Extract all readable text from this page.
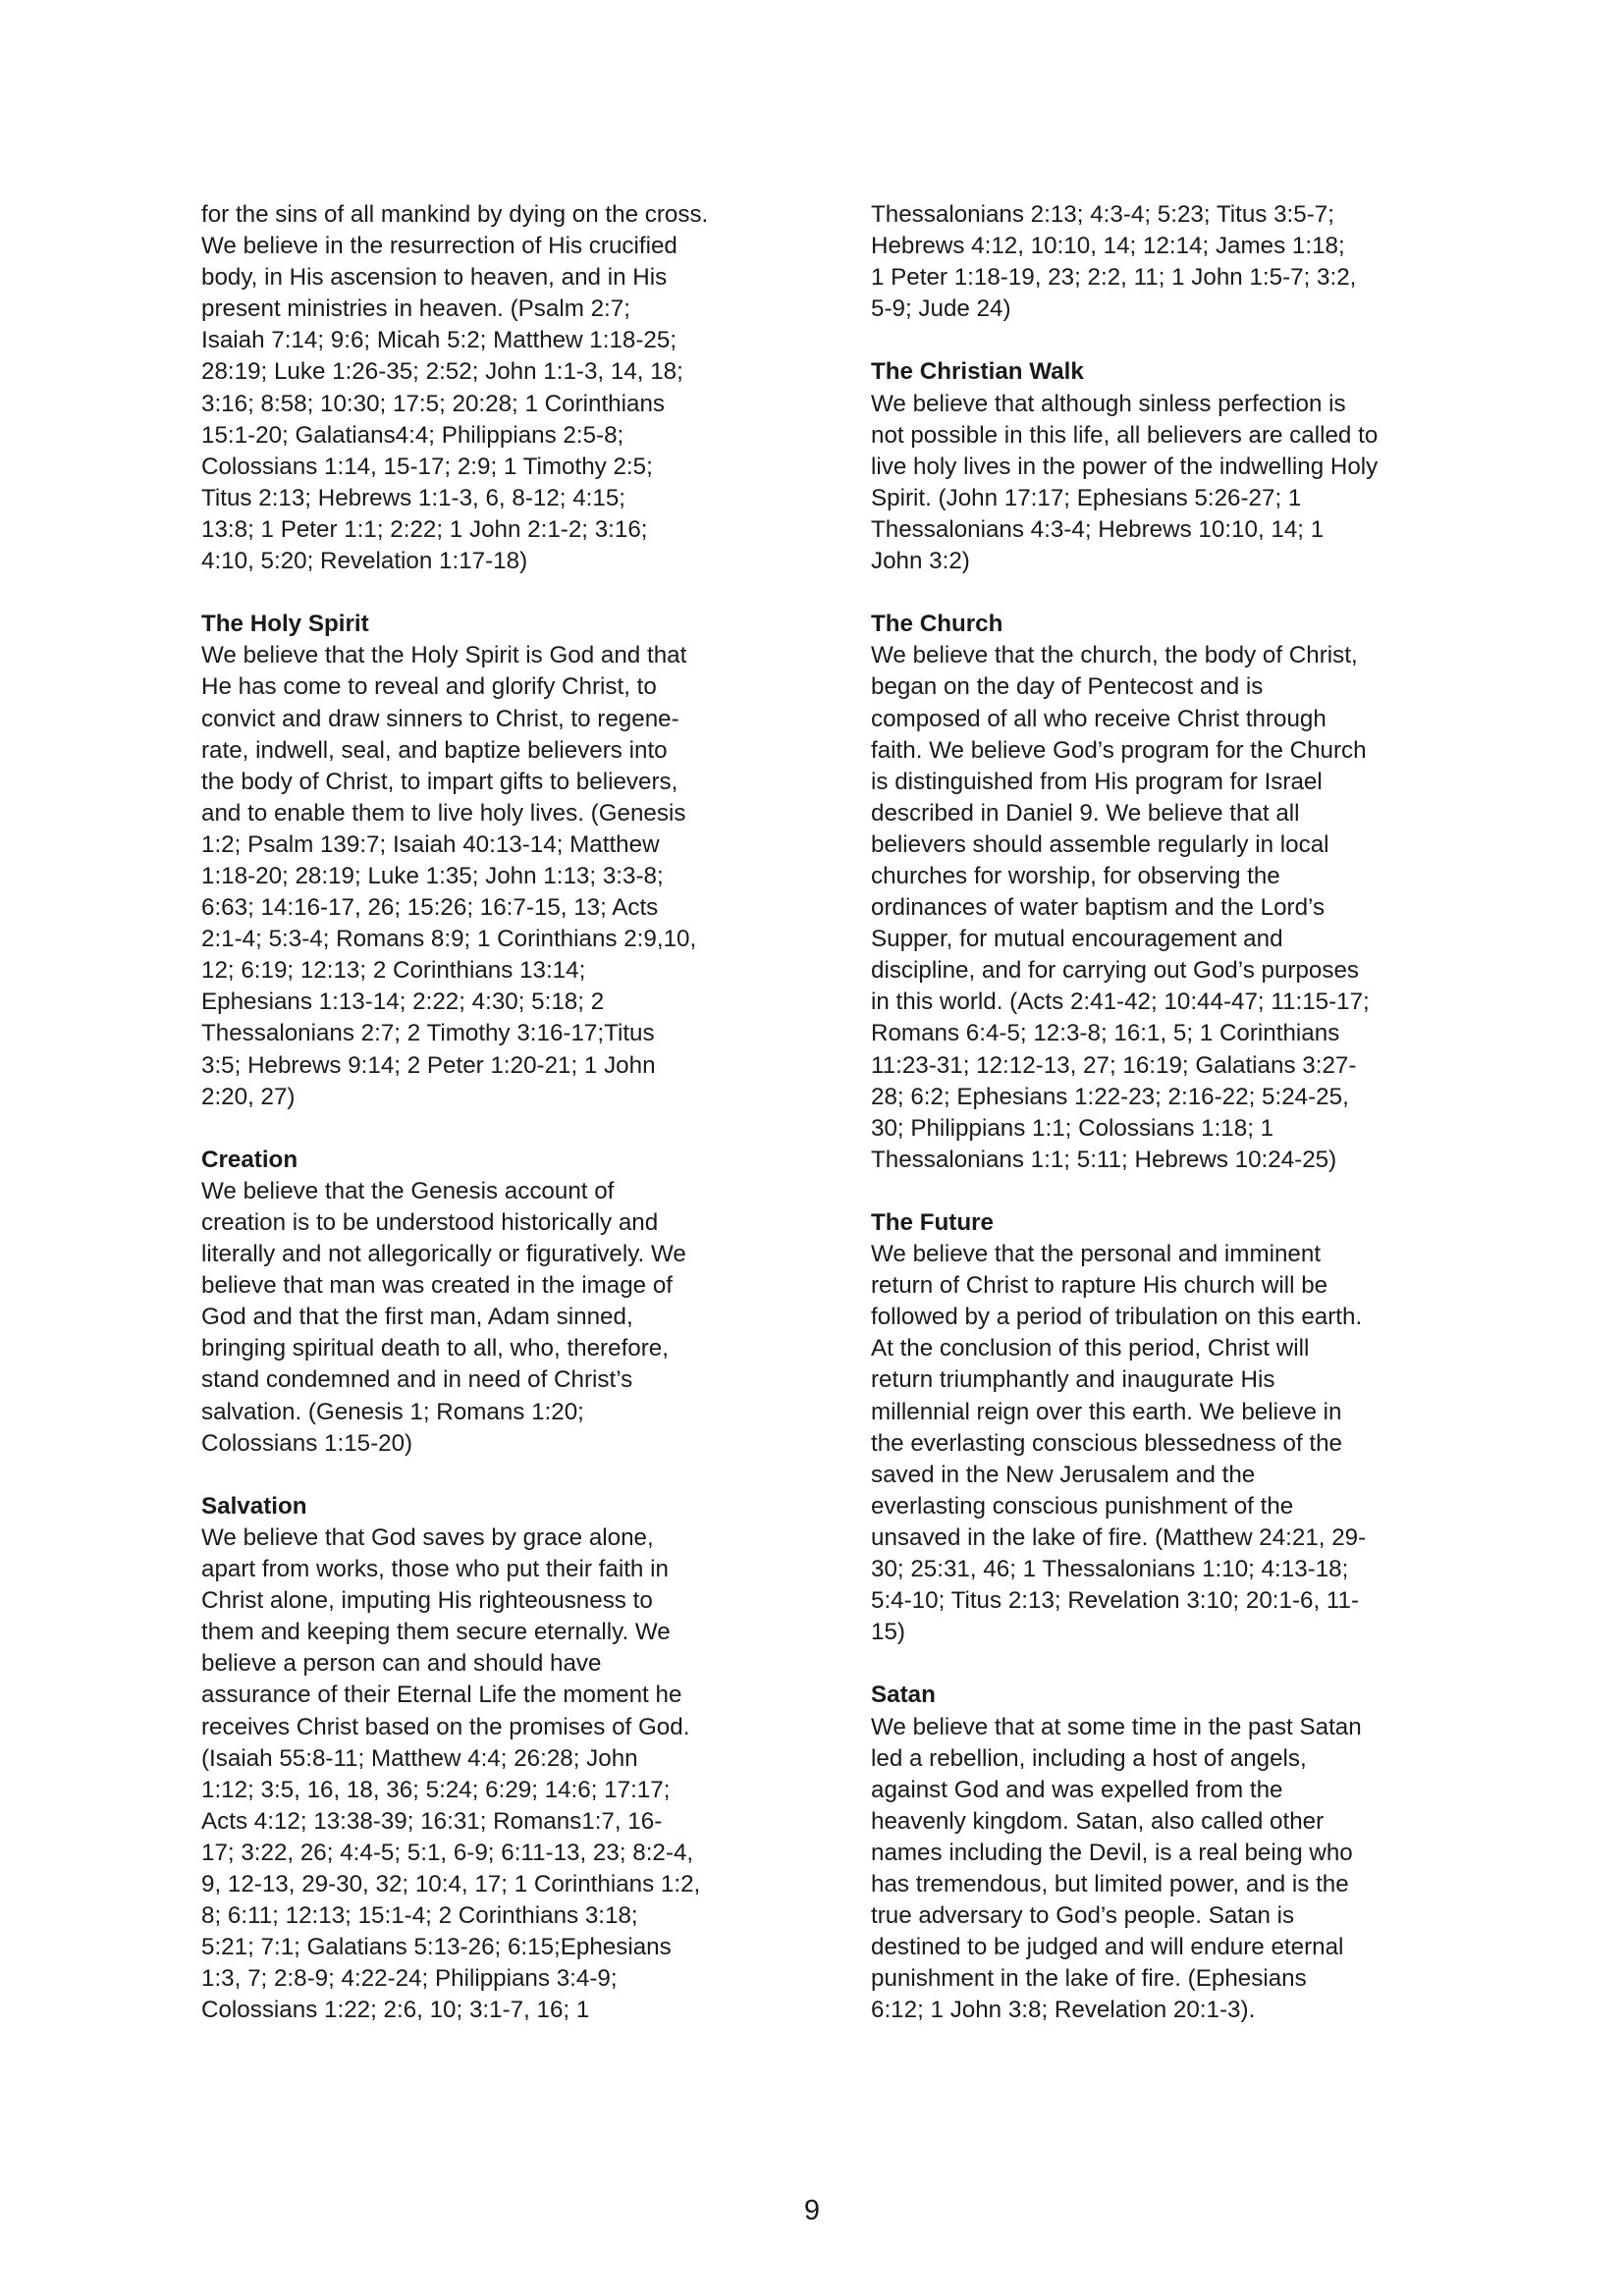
for the sins of all mankind by dying on the cross.
We believe in the resurrection of His crucified
body, in His ascension to heaven, and in His
present ministries in heaven. (Psalm 2:7;
Isaiah 7:14; 9:6; Micah 5:2; Matthew 1:18-25;
28:19; Luke 1:26-35; 2:52; John 1:1-3, 14, 18;
3:16; 8:58; 10:30; 17:5; 20:28; 1 Corinthians
15:1-20; Galatians4:4; Philippians 2:5-8;
Colossians 1:14, 15-17; 2:9; 1 Timothy 2:5;
Titus 2:13; Hebrews 1:1-3, 6, 8-12; 4:15;
13:8; 1 Peter 1:1; 2:22; 1 John 2:1-2; 3:16;
4:10, 5:20; Revelation 1:17-18)

The Holy Spirit

We believe that the Holy Spirit is God and that
He has come to reveal and glorify Christ, to
convict and draw sinners to Christ, to regene-
rate, indwell, seal, and baptize believers into
the body of Christ, to impart gifts to believers,
and to enable them to live holy lives. (Genesis
1:2; Psalm 139:7; Isaiah 40:13-14; Matthew
1:18-20; 28:19; Luke 1:35; John 1:13; 3:3-8;
6:63; 14:16-17, 26; 15:26; 16:7-15, 13; Acts
2:1-4; 5:3-4; Romans 8:9; 1 Corinthians 2:9,10,
12; 6:19; 12:13; 2 Corinthians 13:14;
Ephesians 1:13-14; 2:22; 4:30; 5:18; 2
Thessalonians 2:7; 2 Timothy 3:16-17;Titus
3:5; Hebrews 9:14; 2 Peter 1:20-21; 1 John
2:20, 27)

Creation

We believe that the Genesis account of
creation is to be understood historically and
literally and not allegorically or figuratively. We
believe that man was created in the image of
God and that the first man, Adam sinned,
bringing spiritual death to all, who, therefore,
stand condemned and in need of Christ’s
salvation. (Genesis 1; Romans 1:20;
Colossians 1:15-20)

Salvation

We believe that God saves by grace alone,
apart from works, those who put their faith in
Christ alone, imputing His righteousness to
them and keeping them secure eternally. We
believe a person can and should have
assurance of their Eternal Life the moment he
receives Christ based on the promises of God.
(Isaiah 55:8-11; Matthew 4:4; 26:28; John
1:12; 3:5, 16, 18, 36; 5:24; 6:29; 14:6; 17:17;
Acts 4:12; 13:38-39; 16:31; Romans1:7, 16-
17; 3:22, 26; 4:4-5; 5:1, 6-9; 6:11-13, 23; 8:2-4,
9, 12-13, 29-30, 32; 10:4, 17; 1 Corinthians 1:2,
8; 6:11; 12:13; 15:1-4; 2 Corinthians 3:18;
5:21; 7:1; Galatians 5:13-26; 6:15;Ephesians
1:3, 7; 2:8-9; 4:22-24; Philippians 3:4-9;
Colossians 1:22; 2:6, 10; 3:1-7, 16; 1

Thessalonians 2:13; 4:3-4; 5:23; Titus 3:5-7;
Hebrews 4:12, 10:10, 14; 12:14; James 1:18;
1 Peter 1:18-19, 23; 2:2, 11; 1 John 1:5-7; 3:2,
5-9; Jude 24)

The Christian Walk

We believe that although sinless perfection is
not possible in this life, all believers are called to
live holy lives in the power of the indwelling Holy
Spirit. (John 17:17; Ephesians 5:26-27; 1
Thessalonians 4:3-4; Hebrews 10:10, 14; 1
John 3:2)

The Church

We believe that the church, the body of Christ,
began on the day of Pentecost and is
composed of all who receive Christ through
faith. We believe God’s program for the Church
is distinguished from His program for Israel
described in Daniel 9. We believe that all
believers should assemble regularly in local
churches for worship, for observing the
ordinances of water baptism and the Lord’s
Supper, for mutual encouragement and
discipline, and for carrying out God’s purposes
in this world. (Acts 2:41-42; 10:44-47; 11:15-17;
Romans 6:4-5; 12:3-8; 16:1, 5; 1 Corinthians
11:23-31; 12:12-13, 27; 16:19; Galatians 3:27-
28; 6:2; Ephesians 1:22-23; 2:16-22; 5:24-25,
30; Philippians 1:1; Colossians 1:18; 1
Thessalonians 1:1; 5:11; Hebrews 10:24-25)

The Future

We believe that the personal and imminent
return of Christ to rapture His church will be
followed by a period of tribulation on this earth.
At the conclusion of this period, Christ will
return triumphantly and inaugurate His
millennial reign over this earth. We believe in
the everlasting conscious blessedness of the
saved in the New Jerusalem and the
everlasting conscious punishment of the
unsaved in the lake of fire. (Matthew 24:21, 29-
30; 25:31, 46; 1 Thessalonians 1:10; 4:13-18;
5:4-10; Titus 2:13; Revelation 3:10; 20:1-6, 11-
15)

Satan

We believe that at some time in the past Satan
led a rebellion, including a host of angels,
against God and was expelled from the
heavenly kingdom. Satan, also called other
names including the Devil, is a real being who
has tremendous, but limited power, and is the
true adversary to God’s people. Satan is
destined to be judged and will endure eternal
punishment in the lake of fire. (Ephesians
6:12; 1 John 3:8; Revelation 20:1-3).

9
